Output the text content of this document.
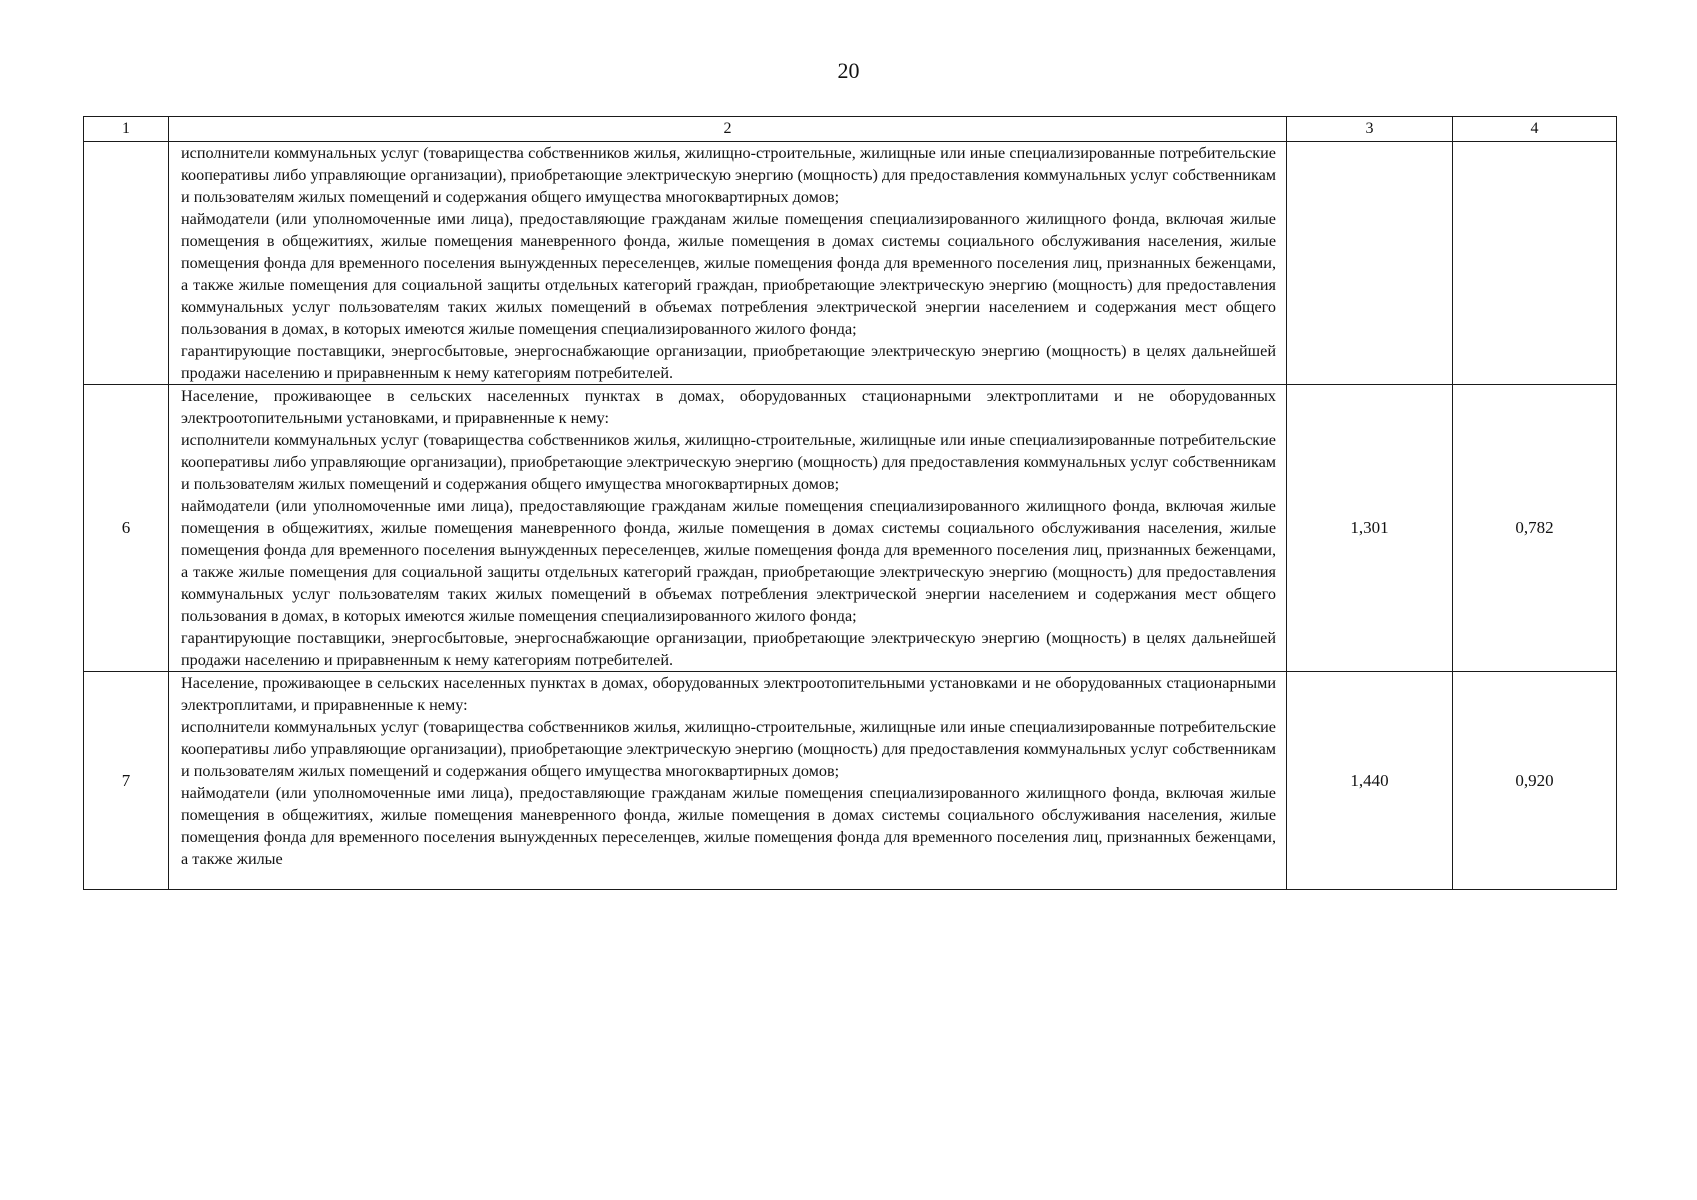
20
1	2	3	4

	исполнители коммунальных услуг (товарищества собственников жилья, жилищно-строительные, жилищные или иные специализированные потребительские кооперативы либо управляющие организации), приобретающие электрическую энергию (мощность) для предоставления коммунальных услуг собственникам и пользователям жилых помещений и содержания общего имущества многоквартирных домов;
наймодатели (или уполномоченные ими лица), предоставляющие гражданам жилые помещения специализированного жилищного фонда, включая жилые помещения в общежитиях, жилые помещения маневренного фонда, жилые помещения в домах системы социального обслуживания населения, жилые помещения фонда для временного поселения вынужденных переселенцев, жилые помещения фонда для временного поселения лиц, признанных беженцами, а также жилые помещения для социальной защиты отдельных категорий граждан, приобретающие электрическую энергию (мощность) для предоставления коммунальных услуг пользователям таких жилых помещений в объемах потребления электрической энергии населением и содержания мест общего пользования в домах, в которых имеются жилые помещения специализированного жилого фонда;
гарантирующие поставщики, энергосбытовые, энергоснабжающие организации, приобретающие электрическую энергию (мощность) в целях дальнейшей продажи населению и приравненным к нему категориям потребителей.		

6	Население, проживающее в сельских населенных пунктах в домах, оборудованных стационарными электроплитами и не оборудованных электроотопительными установками, и приравненные к нему:
исполнители коммунальных услуг (товарищества собственников жилья, жилищно-строительные, жилищные или иные специализированные потребительские кооперативы либо управляющие организации), приобретающие электрическую энергию (мощность) для предоставления коммунальных услуг собственникам и пользователям жилых помещений и содержания общего имущества многоквартирных домов;
наймодатели (или уполномоченные ими лица), предоставляющие гражданам жилые помещения специализированного жилищного фонда, включая жилые помещения в общежитиях, жилые помещения маневренного фонда, жилые помещения в домах системы социального обслуживания населения, жилые помещения фонда для временного поселения вынужденных переселенцев, жилые помещения фонда для временного поселения лиц, признанных беженцами, а также жилые помещения для социальной защиты отдельных категорий граждан, приобретающие электрическую энергию (мощность) для предоставления коммунальных услуг пользователям таких жилых помещений в объемах потребления электрической энергии населением и содержания мест общего пользования в домах, в которых имеются жилые помещения специализированного жилого фонда;
гарантирующие поставщики, энергосбытовые, энергоснабжающие организации, приобретающие электрическую энергию (мощность) в целях дальнейшей продажи населению и приравненным к нему категориям потребителей.	1,301	0,782
7	Население, проживающее в сельских населенных пунктах в домах, оборудованных электроотопительными установками и не оборудованных стационарными электроплитами, и приравненные к нему:
исполнители коммунальных услуг (товарищества собственников жилья, жилищно-строительные, жилищные или иные специализированные потребительские кооперативы либо управляющие организации), приобретающие электрическую энергию (мощность) для предоставления коммунальных услуг собственникам и пользователям жилых помещений и содержания общего имущества многоквартирных домов;
наймодатели (или уполномоченные ими лица), предоставляющие гражданам жилые помещения специализированного жилищного фонда, включая жилые помещения в общежитиях, жилые помещения маневренного фонда, жилые помещения в домах системы социального обслуживания населения, жилые помещения фонда для временного поселения вынужденных переселенцев, жилые помещения фонда для временного поселения лиц, признанных беженцами, а также жилые	1,440	0,920
